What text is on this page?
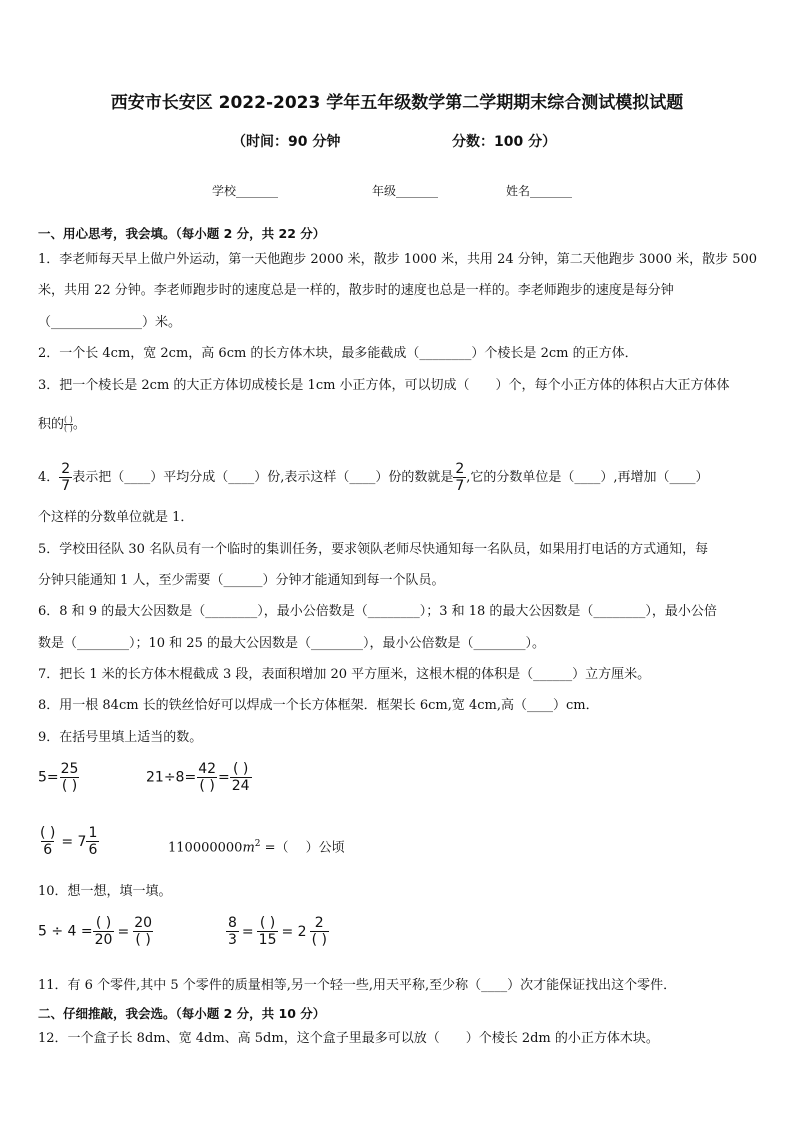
西安市长安区 2022-2023 学年五年级数学第二学期期末综合测试模拟试题
（时间：90 分钟	分数：100 分）
学校_______	年级_______	姓名_______
一、用心思考，我会填。（每小题 2 分，共 22 分）
1．李老师每天早上做户外运动，第一天他跑步 2000 米，散步 1000 米，共用 24 分钟，第二天他跑步 3000 米，散步 500
米，共用 22 分钟。李老师跑步时的速度总是一样的，散步时的速度也总是一样的。李老师跑步的速度是每分钟
（______________）米。
2．一个长 4cm，宽 2cm，高 6cm 的长方体木块，最多能截成（________）个棱长是 2cm 的正方体．
3．把一个棱长是 2cm 的大正方体切成棱长是 1cm 小正方体，可以切成（　　）个，每个小正方体的体积占大正方体体
积的 $\frac{( )}{( )}$ 。
4． $\frac{2}{7}$ 表示把（____）平均分成（____）份,表示这样（____）份的数就是 $\frac{2}{7}$ ,它的分数单位是（____）,再增加（____）
个这样的分数单位就是 1．
5．学校田径队 30 名队员有一个临时的集训任务，要求领队老师尽快通知每一名队员，如果用打电话的方式通知，每
分钟只能通知 1 人，至少需要（______）分钟才能通知到每一个队员。
6．8 和 9 的最大公因数是（________），最小公倍数是（________）；3 和 18 的最大公因数是（________），最小公倍
数是（________）；10 和 25 的最大公因数是（________），最小公倍数是（________）。
7．把长 1 米的长方体木棍截成 3 段，表面积增加 20 平方厘米，这根木棍的体积是（______）立方厘米。
8．用一根 84cm 长的铁丝恰好可以焊成一个长方体框架．框架长 6cm,宽 4cm,高（____）cm．
9．在括号里填上适当的数。
$5= \frac{25}{( )}$	$21\div 8= \frac{42}{( )} = \frac{( )}{24}$
$\frac{( )}{6} = 7 \frac{1}{6}$	$110000000m^2$ =（　 ）公顷
10．想一想，填一填。
$5 \div 4 = \frac{( )}{20} = \frac{20}{( )}$	$\frac{8}{3} = \frac{( )}{15} = 2 \frac{2}{( )}$
11．有 6 个零件,其中 5 个零件的质量相等,另一个轻一些,用天平称,至少称（____）次才能保证找出这个零件．
二、仔细推敲，我会选。（每小题 2 分，共 10 分）
12．一个盒子长 8dm、宽 4dm、高 5dm，这个盒子里最多可以放（　　）个棱长 2dm 的小正方体木块。
